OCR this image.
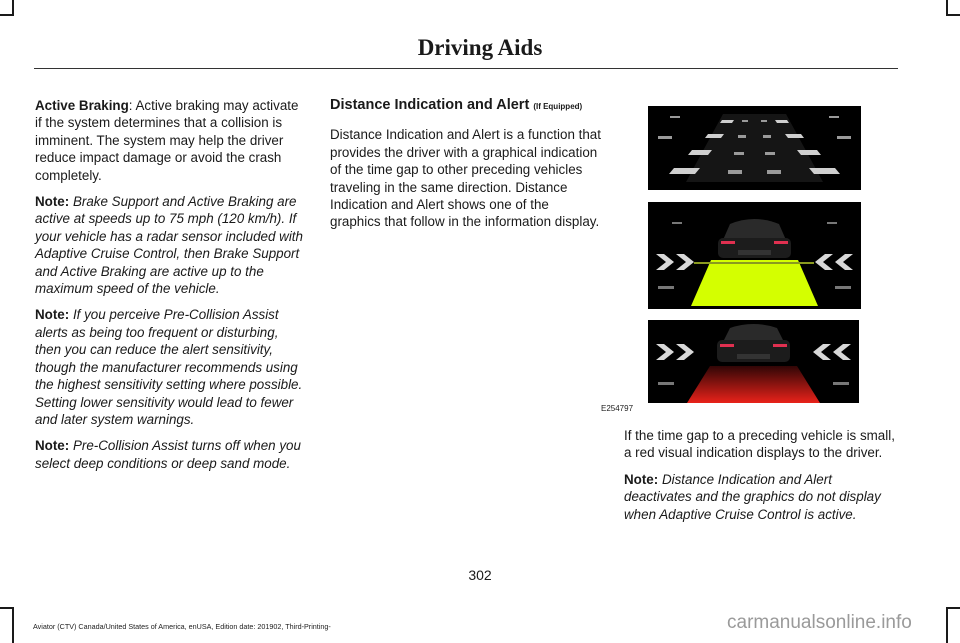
Driving Aids

Active Braking: Active braking may activate if the system determines that a collision is imminent. The system may help the driver reduce impact damage or avoid the crash completely.

Note: Brake Support and Active Braking are active at speeds up to 75 mph (120 km/h). If your vehicle has a radar sensor included with Adaptive Cruise Control, then Brake Support and Active Braking are active up to the maximum speed of the vehicle.

Note: If you perceive Pre-Collision Assist alerts as being too frequent or disturbing, then you can reduce the alert sensitivity, though the manufacturer recommends using the highest sensitivity setting where possible. Setting lower sensitivity would lead to fewer and later system warnings.

Note: Pre-Collision Assist turns off when you select deep conditions or deep sand mode.

Distance Indication and Alert (If Equipped)

Distance Indication and Alert is a function that provides the driver with a graphical indication of the time gap to other preceding vehicles traveling in the same direction. Distance Indication and Alert shows one of the graphics that follow in the information display.

E254797

If the time gap to a preceding vehicle is small, a red visual indication displays to the driver.

Note: Distance Indication and Alert deactivates and the graphics do not display when Adaptive Cruise Control is active.

302
Aviator (CTV) Canada/United States of America, enUSA, Edition date: 201902, Third-Printing-	carmanualsonline.info
